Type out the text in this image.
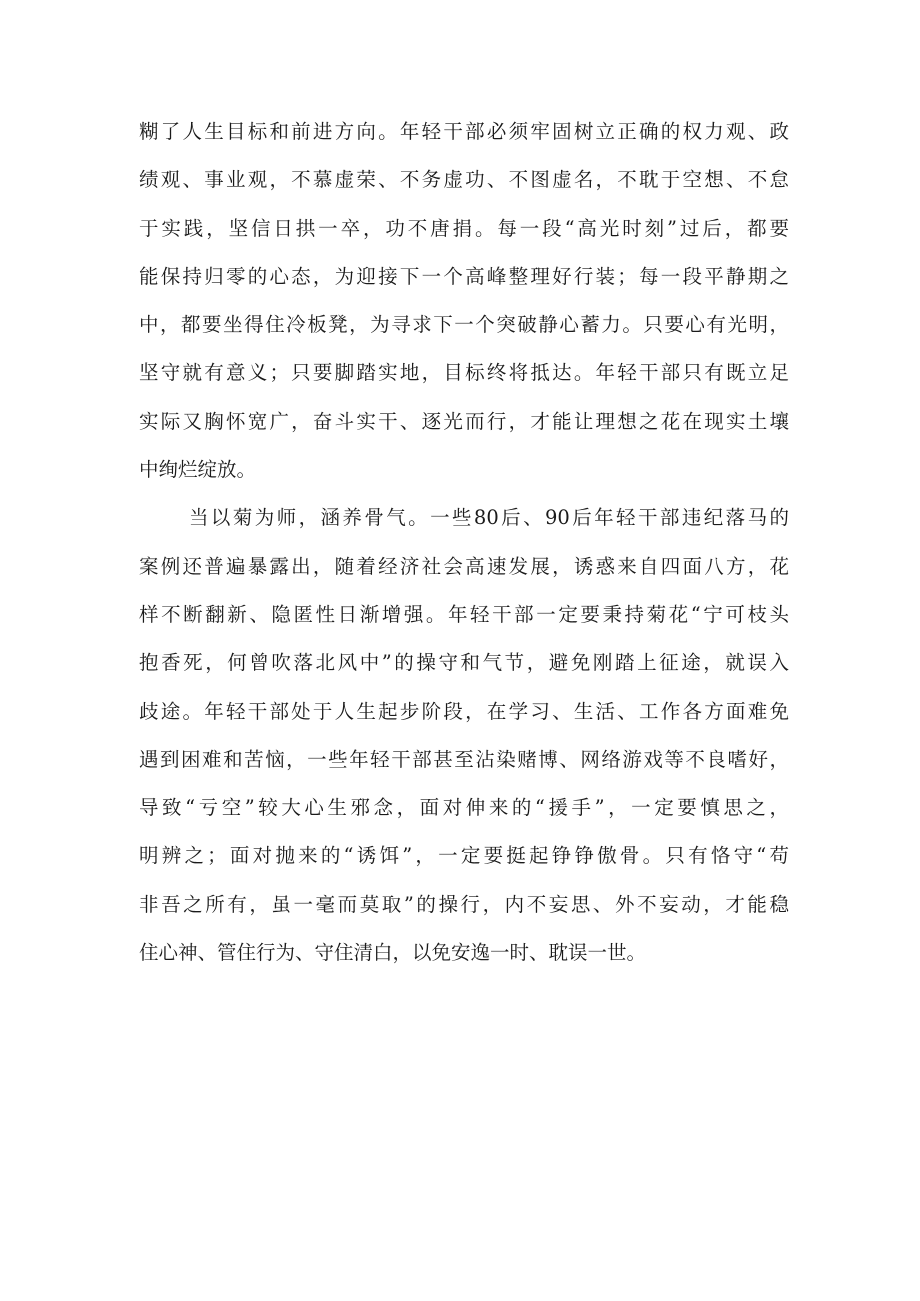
糊了人生目标和前进方向。年轻干部必须牢固树立正确的权力观、政
绩观、事业观，不慕虚荣、不务虚功、不图虚名，不耽于空想、不怠
于实践，坚信日拱一卒，功不唐捐。每一段“高光时刻”过后，都要
能保持归零的心态，为迎接下一个高峰整理好行装；每一段平静期之
中，都要坐得住冷板凳，为寻求下一个突破静心蓄力。只要心有光明，
坚守就有意义；只要脚踏实地，目标终将抵达。年轻干部只有既立足
实际又胸怀宽广，奋斗实干、逐光而行，才能让理想之花在现实土壤
中绚烂绽放。
当以菊为师，涵养骨气。一些80后、90后年轻干部违纪落马的
案例还普遍暴露出，随着经济社会高速发展，诱惑来自四面八方，花
样不断翻新、隐匿性日渐增强。年轻干部一定要秉持菊花“宁可枝头
抱香死，何曾吹落北风中”的操守和气节，避免刚踏上征途，就误入
歧途。年轻干部处于人生起步阶段，在学习、生活、工作各方面难免
遇到困难和苦恼，一些年轻干部甚至沾染赌博、网络游戏等不良嗜好，
导致“亏空”较大心生邪念，面对伸来的“援手”，一定要慎思之，
明辨之；面对抛来的“诱饵”，一定要挺起铮铮傲骨。只有恪守“苟
非吾之所有，虽一毫而莫取”的操行，内不妄思、外不妄动，才能稳
住心神、管住行为、守住清白，以免安逸一时、耽误一世。
